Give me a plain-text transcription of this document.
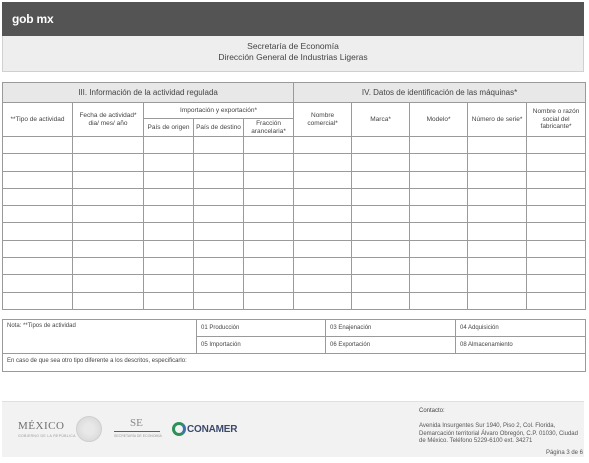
gob mx
Secretaría de Economía
Dirección General de Industrias Ligeras
III. Información de la actividad regulada					IV. Datos de identificación de las máquinas*				
**Tipo de actividad	Fecha de actividad* dia/ mes/ año	Importación y exportación*			Nombre comercial*	Marca*	Modelo*	Número de serie*	Nombre o razón social del fabricante*
		País de origen	País de destino	Fracción arancelaria*					

Nota: **Tipos de actividad	01 Producción	03 Enajenación	04 Adquisición
	05 Importación	06 Exportación	08 Almacenamiento
En caso de que sea otro tipo diferente a los descritos, especificarlo:			
MÉXICO
GOBIERNO DE LA REPÚBLICA
SE
SECRETARÍA DE ECONOMÍA
CONAMER
Contacto:
Avenida Insurgentes Sur 1940, Piso 2, Col. Florida, Demarcación territorial Álvaro Obregón, C.P. 01030, Ciudad de México. Teléfono 5229-6100 ext. 34271
Página 3 de 6
